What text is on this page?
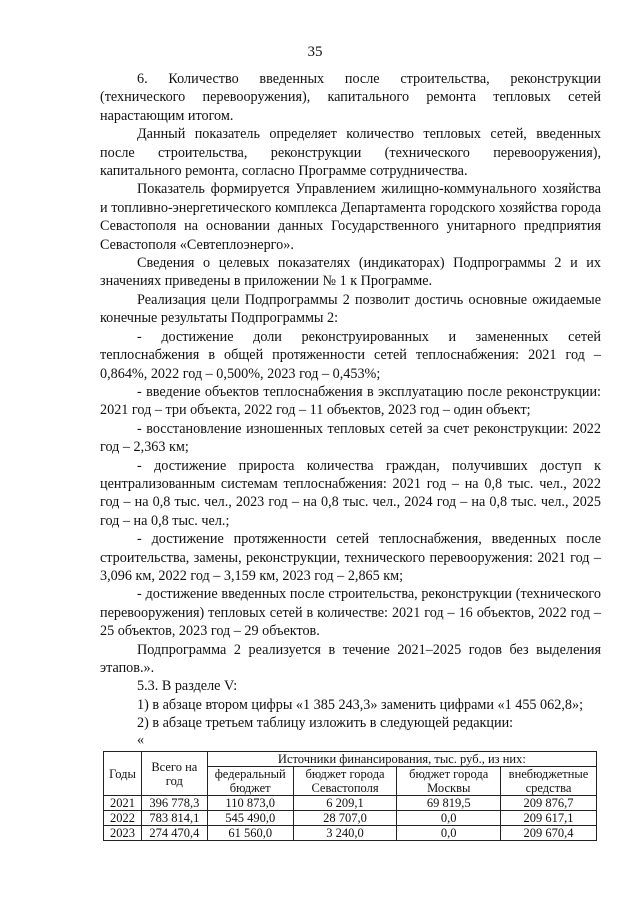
35

6. Количество введенных после строительства, реконструкции (технического перевооружения), капитального ремонта тепловых сетей нарастающим итогом.

Данный показатель определяет количество тепловых сетей, введенных после строительства, реконструкции (технического перевооружения), капитального ремонта, согласно Программе сотрудничества.

Показатель формируется Управлением жилищно-коммунального хозяйства и топливно-энергетического комплекса Департамента городского хозяйства города Севастополя на основании данных Государственного унитарного предприятия Севастополя «Севтеплоэнерго».

Сведения о целевых показателях (индикаторах) Подпрограммы 2 и их значениях приведены в приложении № 1 к Программе.

Реализация цели Подпрограммы 2 позволит достичь основные ожидаемые конечные результаты Подпрограммы 2:

- достижение доли реконструированных и замененных сетей теплоснабжения в общей протяженности сетей теплоснабжения: 2021 год – 0,864%, 2022 год – 0,500%, 2023 год – 0,453%;

- введение объектов теплоснабжения в эксплуатацию после реконструкции: 2021 год – три объекта, 2022 год – 11 объектов, 2023 год – один объект;

- восстановление изношенных тепловых сетей за счет реконструкции: 2022 год – 2,363 км;

- достижение прироста количества граждан, получивших доступ к централизованным системам теплоснабжения: 2021 год – на 0,8 тыс. чел., 2022 год – на 0,8 тыс. чел., 2023 год – на 0,8 тыс. чел., 2024 год – на 0,8 тыс. чел., 2025 год – на 0,8 тыс. чел.;

- достижение протяженности сетей теплоснабжения, введенных после строительства, замены, реконструкции, технического перевооружения: 2021 год – 3,096 км, 2022 год – 3,159 км, 2023 год – 2,865 км;

- достижение введенных после строительства, реконструкции (технического перевооружения) тепловых сетей в количестве: 2021 год – 16 объектов, 2022 год – 25 объектов, 2023 год – 29 объектов.

Подпрограмма 2 реализуется в течение 2021–2025 годов без выделения этапов.».

5.3. В разделе V:

1) в абзаце втором цифры «1 385 243,3» заменить цифрами «1 455 062,8»;

2) в абзаце третьем таблицу изложить в следующей редакции:

«

Годы	Всего на год	Источники финансирования, тыс. руб., из них:			
		федеральный бюджет	бюджет города Севастополя	бюджет города Москвы	внебюджетные средства
2021	396 778,3	110 873,0	6 209,1	69 819,5	209 876,7
2022	783 814,1	545 490,0	28 707,0	0,0	209 617,1
2023	274 470,4	61 560,0	3 240,0	0,0	209 670,4
